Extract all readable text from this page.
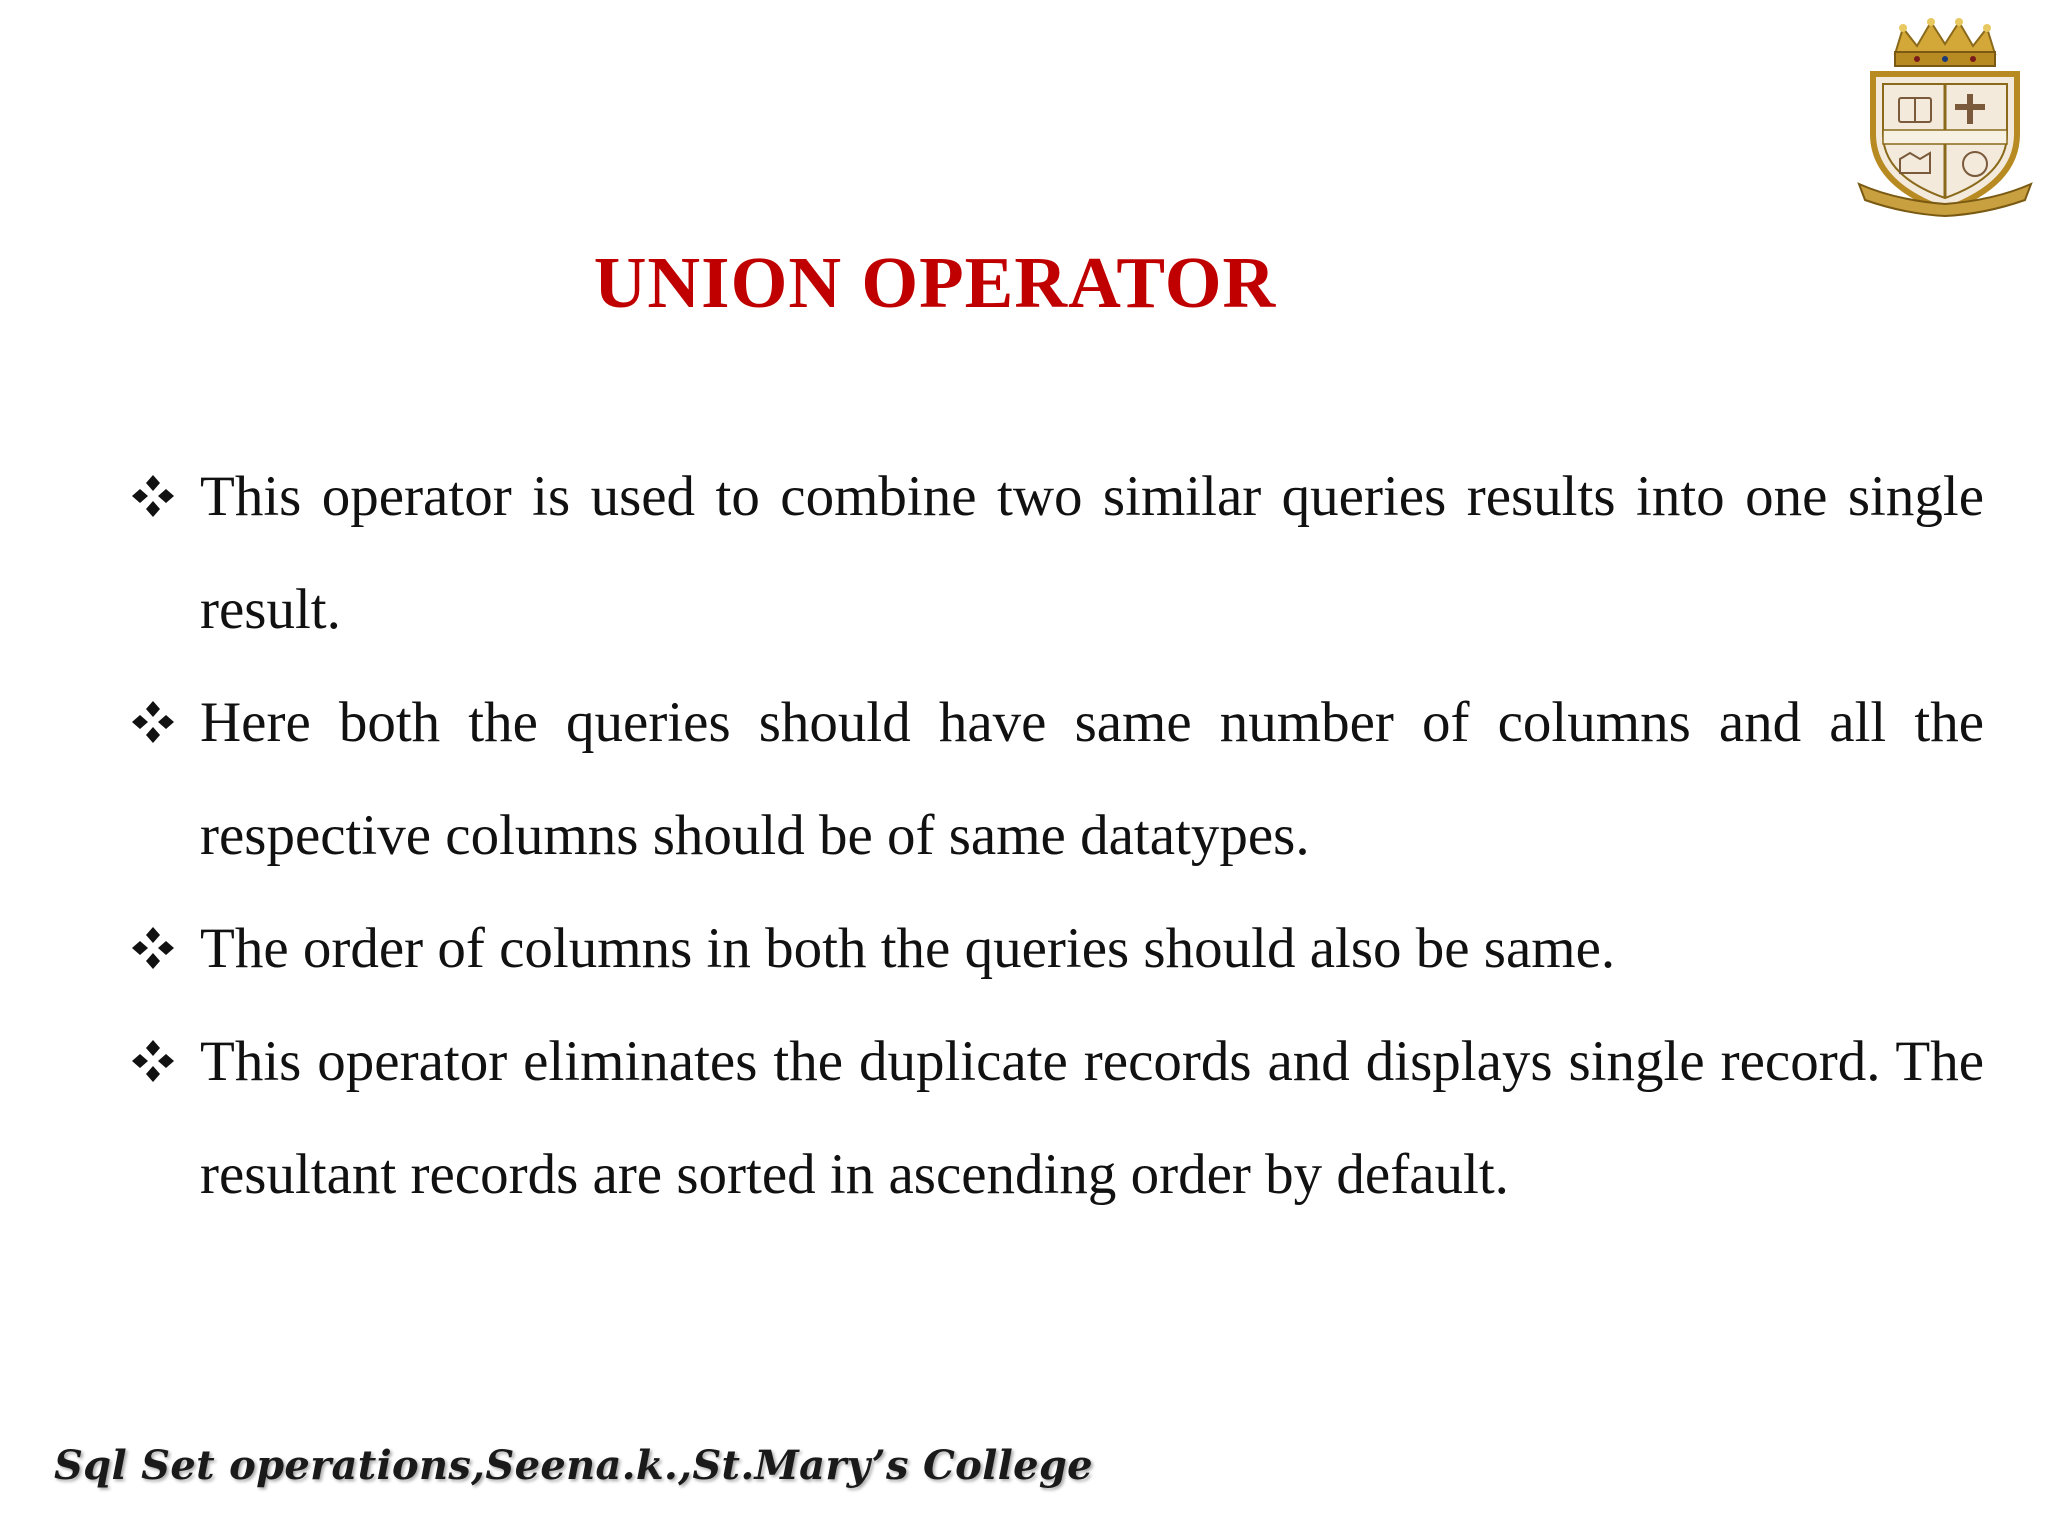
UNION OPERATOR
This operator is used to combine two similar queries results into one single result.
Here both the queries should have same number of columns and all the respective columns should be of same datatypes.
The order of columns in both the queries should also be same.
This operator eliminates the duplicate records and displays single record. The resultant records are sorted in ascending order by default.
Sql Set operations,Seena.k.,St.Mary’s College
